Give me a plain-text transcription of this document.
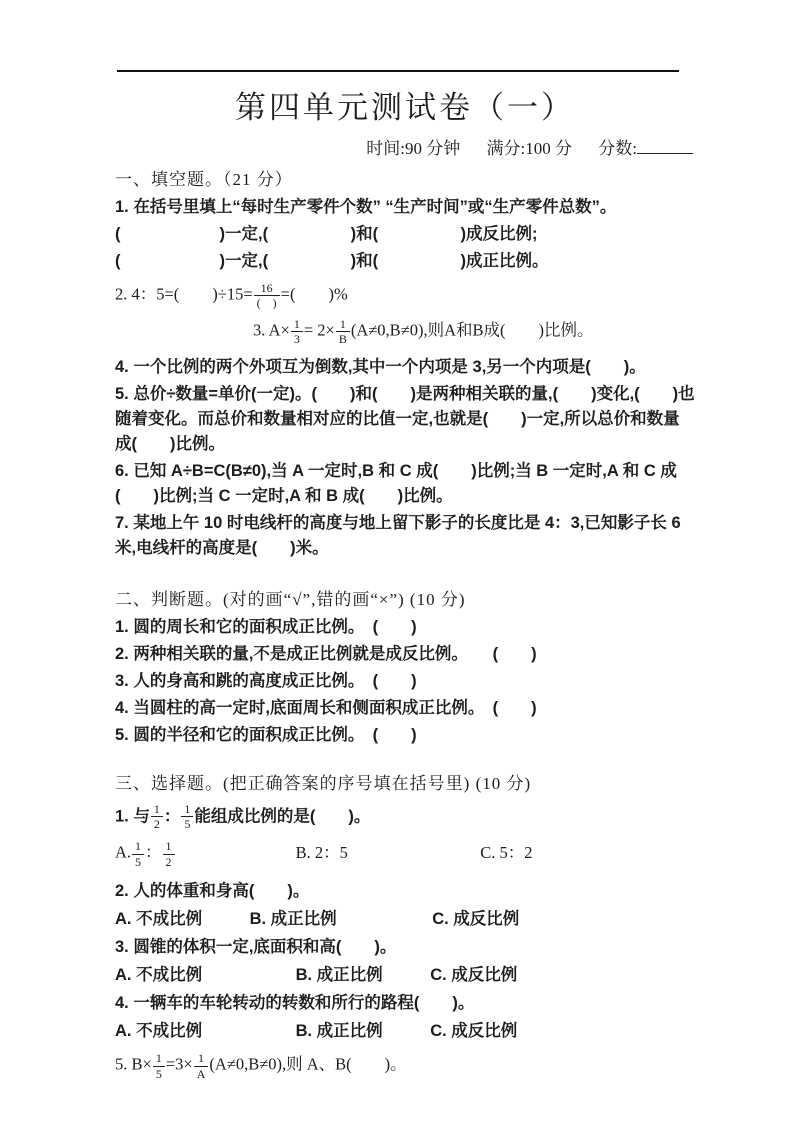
第四单元测试卷（一）
时间:90 分钟 满分:100 分 分数:
一、填空题。（21 分）
1. 在括号里填上“每时生产零件个数” “生产时间”或“生产零件总数”。
(　　　　　　)一定,(　　　　　)和(　　　　　)成反比例;
(　　　　　　)一定,(　　　　　)和(　　　　　)成正比例。
2. 4：5=(　　)$\div 15= \frac{16}{( )}$ =(　　)%
3. $A\times \frac{1}{3} = 2\times \frac{1}{B} (A\ne 0,B\ne 0)$,则A和B成(　　)比例。
4. 一个比例的两个外项互为倒数,其中一个内项是 3,另一个内项是(　　)。
5. 总价÷数量=单价(一定)。(　　)和(　　)是两种相关联的量,(　　)变化,(　　)也随着变化。而总价和数量相对应的比值一定,也就是(　　)一定,所以总价和数量成(　　)比例。
6. 已知 A÷B=C(B≠0),当 A 一定时,B 和 C 成(　　)比例;当 B 一定时,A 和 C 成(　　)比例;当 C 一定时,A 和 B 成(　　)比例。
7. 某地上午 10 时电线杆的高度与地上留下影子的长度比是 4：3,已知影子长 6 米,电线杆的高度是(　　)米。
二、判断题。(对的画“√”,错的画“×”) (10 分)
1. 圆的周长和它的面积成正比例。　(　　)
2. 两种相关联的量,不是成正比例就是成反比例。　　(　　)
3. 人的身高和跳的高度成正比例。　(　　)
4. 当圆柱的高一定时,底面周长和侧面积成正比例。　(　　)
5. 圆的半径和它的面积成正比例。　(　　)
三、选择题。(把正确答案的序号填在括号里) (10 分)
1. 与 $\frac{1}{2}$ ： $\frac{1}{5}$ 能组成比例的是(　　)。
A. $\frac{1}{5}$ ： $\frac{1}{2}$	B. 2：5	C. 5：2
2. 人的体重和身高(　　)。
A. 不成比例	B. 成正比例	C. 成反比例
3. 圆锥的体积一定,底面积和高(　　)。
A. 不成比例	B. 成正比例	C. 成反比例
4. 一辆车的车轮转动的转数和所行的路程(　　)。
A. 不成比例	B. 成正比例	C. 成反比例
5. $B\times \frac{1}{5} =3\times \frac{1}{A} (A\ne 0,B\ne 0)$,则 A、B(　　)。
